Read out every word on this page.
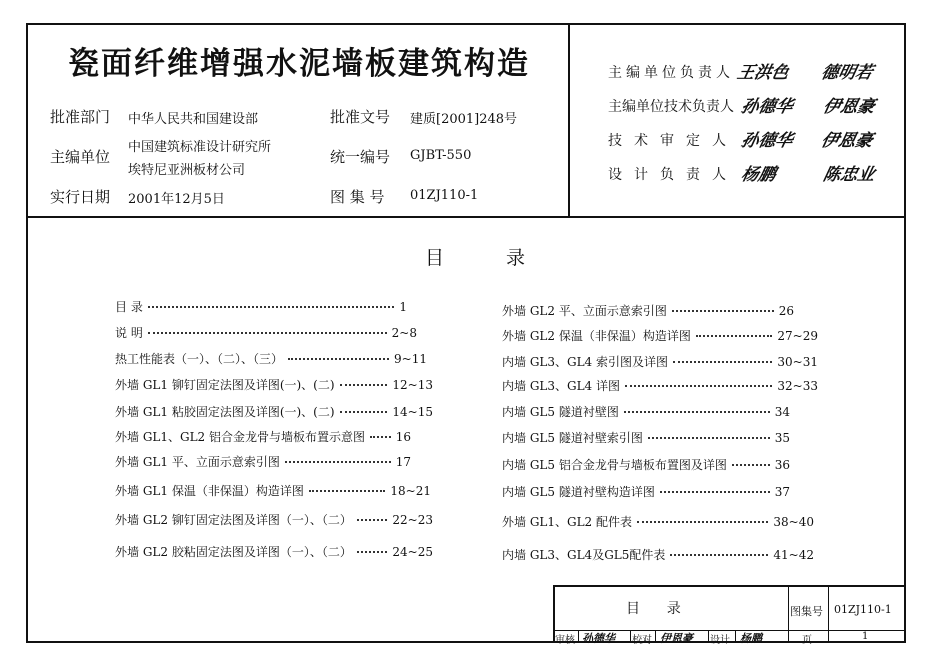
瓷面纤维增强水泥墙板建筑构造
批准部门 中华人民共和国建设部	批准文号 建质[2001]248号
主编单位
中国建筑标准设计研究所
埃特尼亚洲板材公司
统一编号 GJBT-550
实行日期 2001年12月5日	图 集 号 01ZJ110-1
主编单位负责人 王洪色 德明若
主编单位技术负责人 孙德华 伊恩豪
技术审定人 孙德华 伊恩豪
设计负责人 杨鹏	陈忠业
目 录
目 录	1
说 明	2~8
热工性能表（一）、（二）、（三）	9~11
外墙 GL1 铆钉固定法图及详图(一)、(二)	12~13
外墙 GL1 粘胶固定法图及详图(一)、(二)	14~15
外墙 GL1、GL2 铝合金龙骨与墙板布置示意图	16
外墙 GL1 平、立面示意索引图	17
外墙 GL1 保温（非保温）构造详图	18~21
外墙 GL2 铆钉固定法图及详图（一）、（二）	22~23
外墙 GL2 胶粘固定法图及详图（一）、（二）	24~25
外墙 GL2 平、立面示意索引图	26
外墙 GL2 保温（非保温）构造详图	27~29
内墙 GL3、GL4 索引图及详图	30~31
内墙 GL3、GL4 详图	32~33
内墙 GL5 隧道衬壁图	34
内墙 GL5 隧道衬壁索引图	35
内墙 GL5 铝合金龙骨与墙板布置图及详图	36
内墙 GL5 隧道衬壁构造详图	37
外墙 GL1、GL2 配件表	38~40
内墙 GL3、GL4及GL5配件表	41~42
目      录	图集号 01ZJ110-1
审核 孙德华 校对 伊恩豪 设计 杨鹏	页	1
